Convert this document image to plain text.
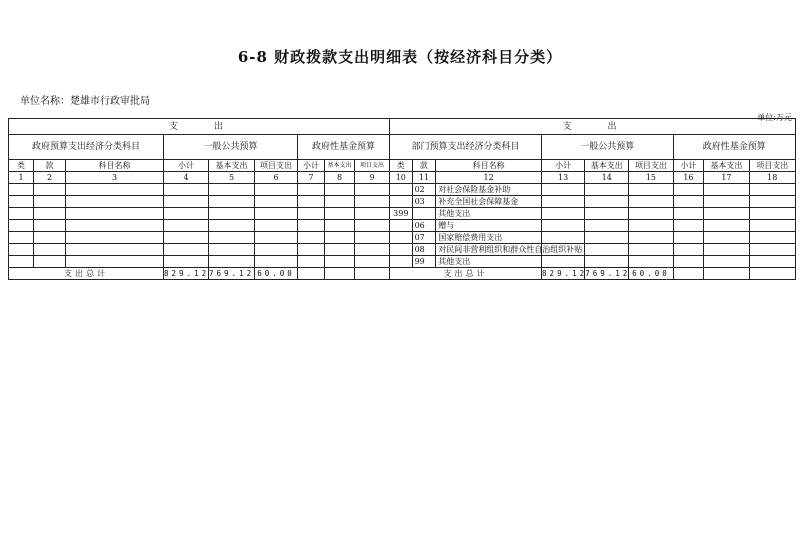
6-8 财政拨款支出明细表（按经济科目分类）
单位名称：楚雄市行政审批局
单位:万元
支　　出								
政府预算支出经济分类科目			一般公共预算			政府性基金预算		
类	款	科目名称	小计	基本支出	项目支出	小计	基本支出	项目支出
1	2	3	4	5	6	7	8	9

支出总计			829.12	769.12	60.00			
支　　出								
部门预算支出经济分类科目			一般公共预算			政府性基金预算		
类	款	科目名称	小计	基本支出	项目支出	小计	基本支出	项目支出
10	11	12	13	14	15	16	17	18
	02	对社会保险基金补助						
	03	补充全国社会保障基金						
399		其他支出						
	06	赠与						
	07	国家赔偿费用支出						
	08	对民间非营利组织和群众性自治组织补贴						
	99	其他支出						
支出总计			829.12	769.12	60.00			
